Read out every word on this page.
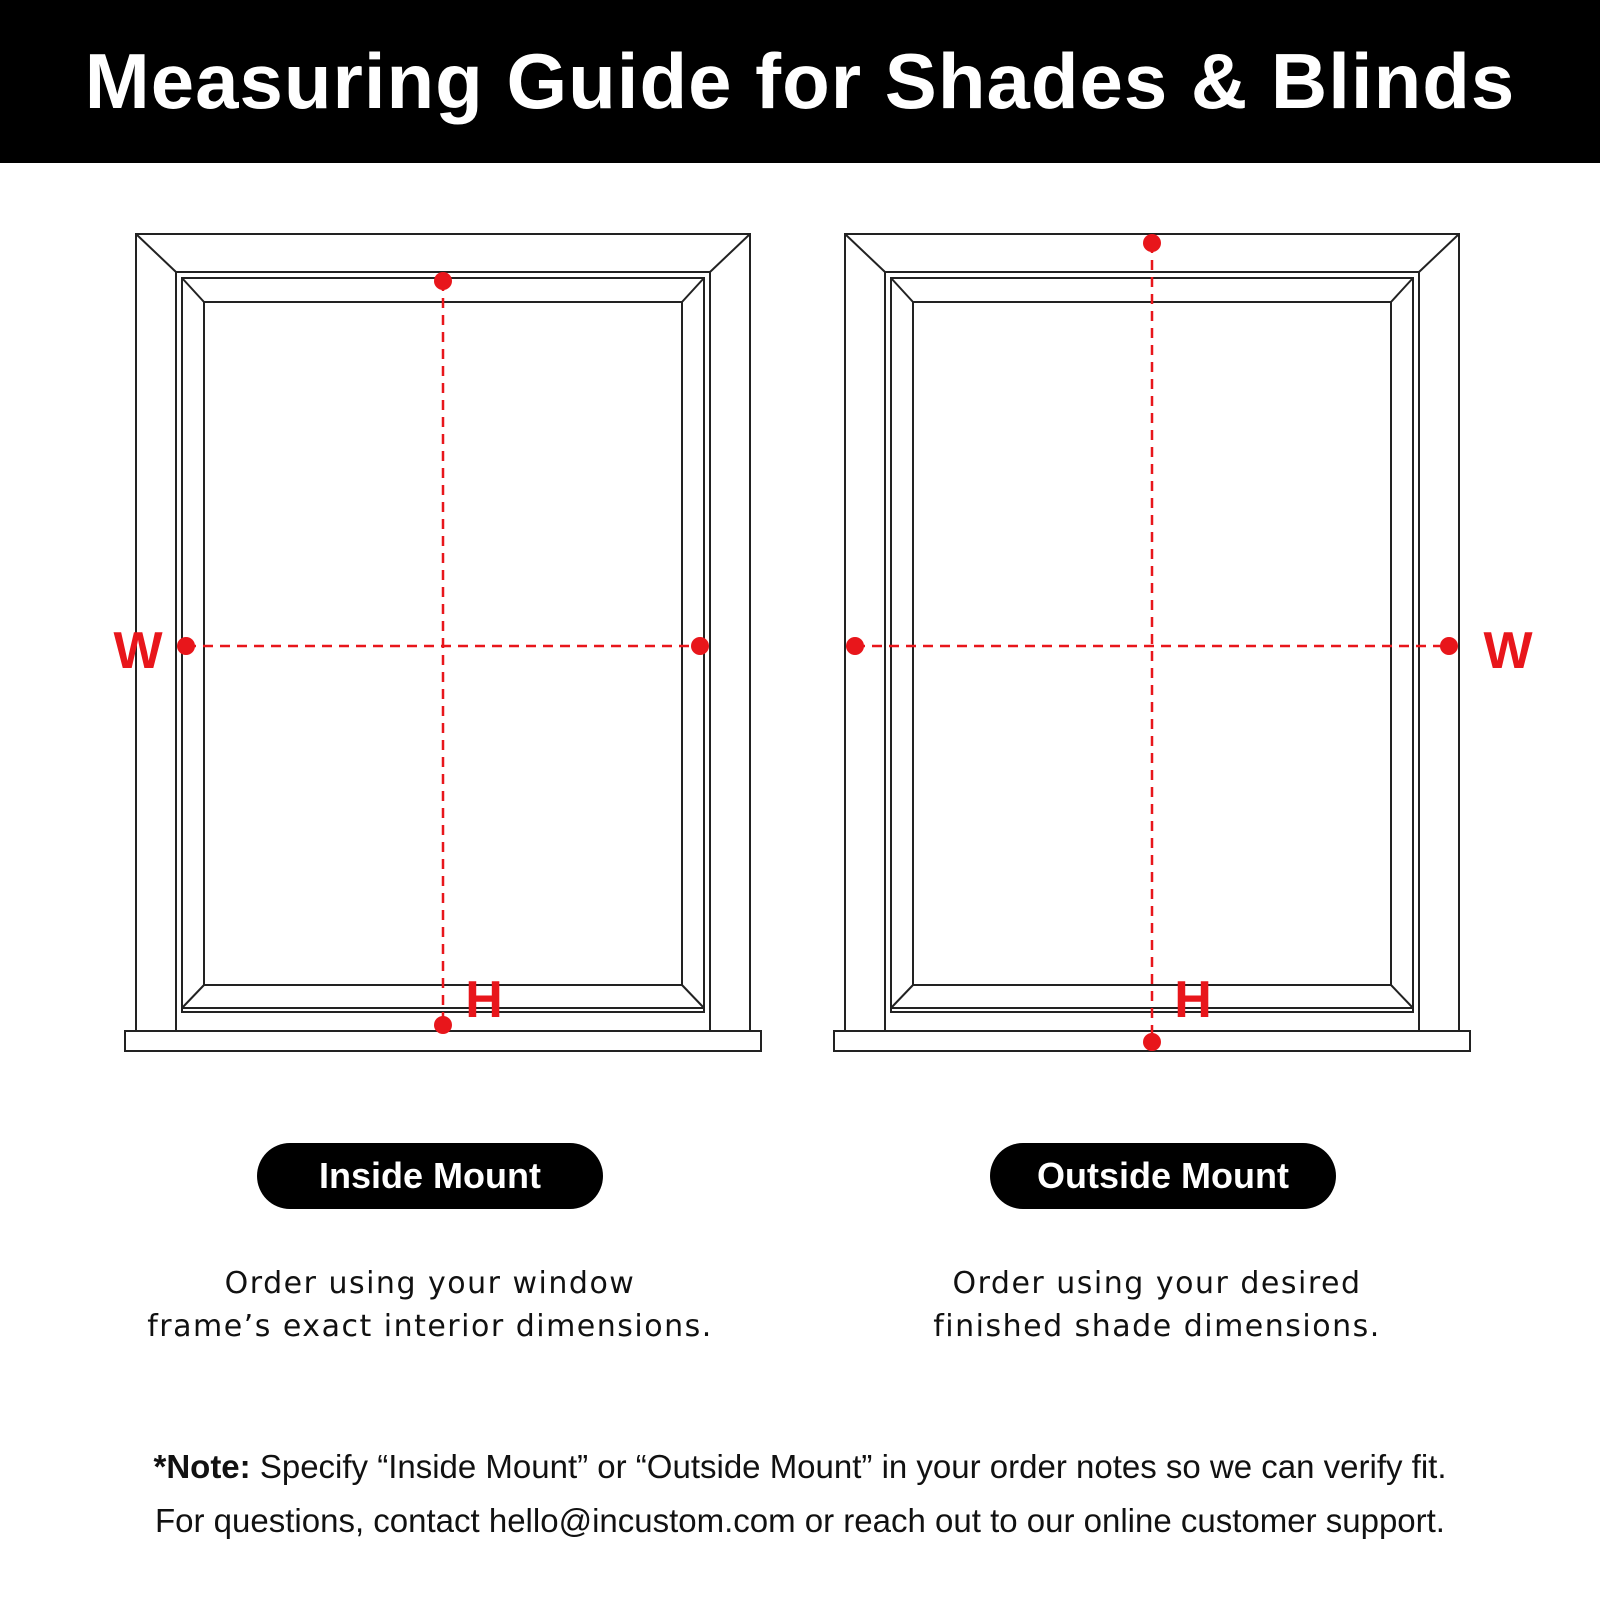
Measuring Guide for Shades & Blinds
W
H
W
H
Inside Mount	Outside Mount
Order using your window
frame’s exact interior dimensions.
Order using your desired
finished shade dimensions.
*Note: Specify “Inside Mount” or “Outside Mount” in your order notes so we can verify fit.
For questions, contact hello@incustom.com or reach out to our online customer support.
